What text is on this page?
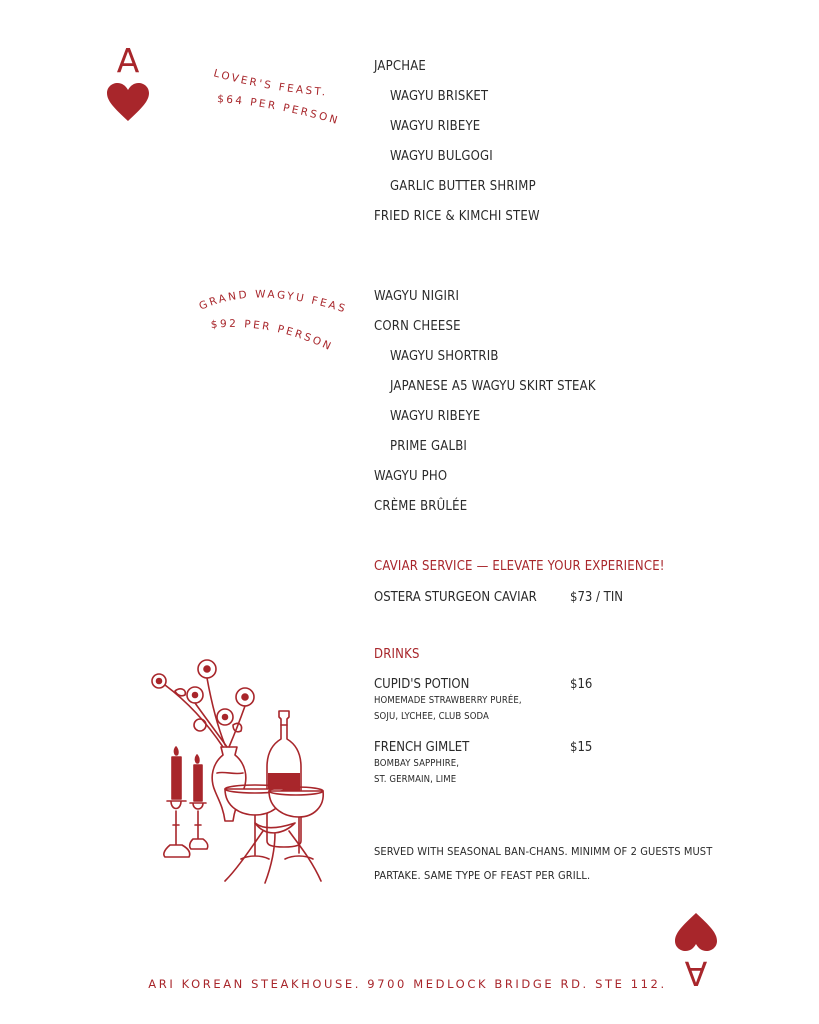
A
A
LOVER'S FEAST.
$64 PER PERSON
GRAND WAGYU FEAS
$92 PER PERSON
JAPCHAE
WAGYU BRISKET
WAGYU RIBEYE
WAGYU BULGOGI
GARLIC BUTTER SHRIMP
FRIED RICE & KIMCHI STEW
WAGYU NIGIRI
CORN CHEESE
WAGYU SHORTRIB
JAPANESE A5 WAGYU SKIRT STEAK
WAGYU RIBEYE
PRIME GALBI
WAGYU PHO
CRÈME BRÛLÉE
CAVIAR SERVICE — ELEVATE YOUR EXPERIENCE!
OSTERA STURGEON CAVIAR	$73 / TIN
DRINKS
CUPID'S POTION
HOMEMADE STRAWBERRY PURÉE,
SOJU, LYCHEE, CLUB SODA
$16
FRENCH GIMLET
BOMBAY SAPPHIRE,
ST. GERMAIN, LIME
$15
SERVED WITH SEASONAL BAN-CHANS. MINIMM OF 2 GUESTS MUST PARTAKE. SAME TYPE OF FEAST PER GRILL.
ARI KOREAN STEAKHOUSE. 9700 MEDLOCK BRIDGE RD. STE 112.
